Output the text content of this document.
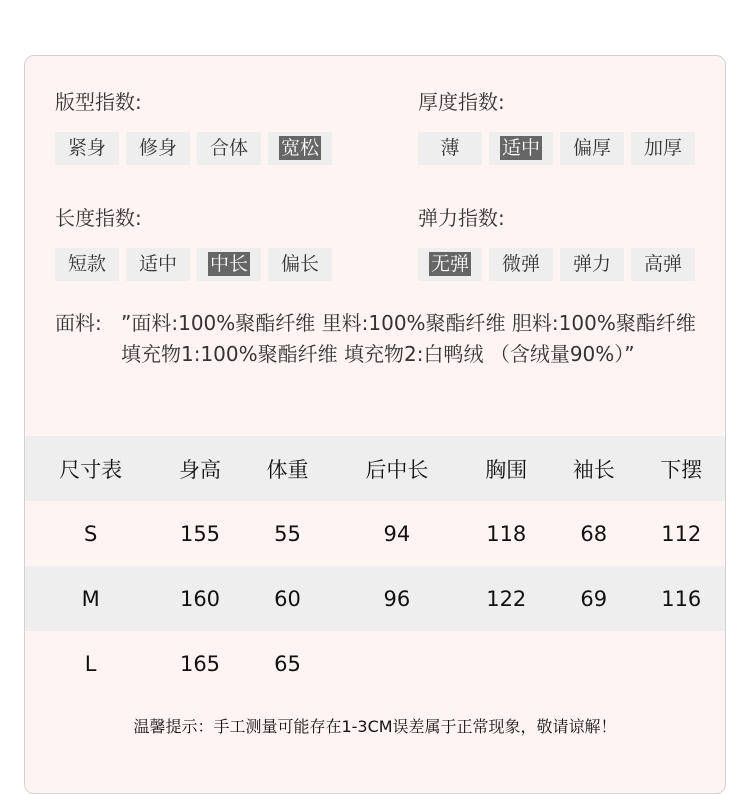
版型指数:
紧身	修身	合体	宽松
厚度指数:
薄	适中	偏厚	加厚
长度指数:
短款	适中	中长	偏长
弹力指数:
无弹	微弹	弹力	高弹
面料: ”面料:100%聚酯纤维 里料:100%聚酯纤维 胆料:100%聚酯纤维 填充物1:100%聚酯纤维 填充物2:白鸭绒 （含绒量90%）”
尺寸表	身高	体重	后中长	胸围	袖长	下摆
S	155	55	94	118	68	112
M	160	60	96	122	69	116
L	165	65				
温馨提示：手工测量可能存在1-3CM误差属于正常现象，敬请谅解！
